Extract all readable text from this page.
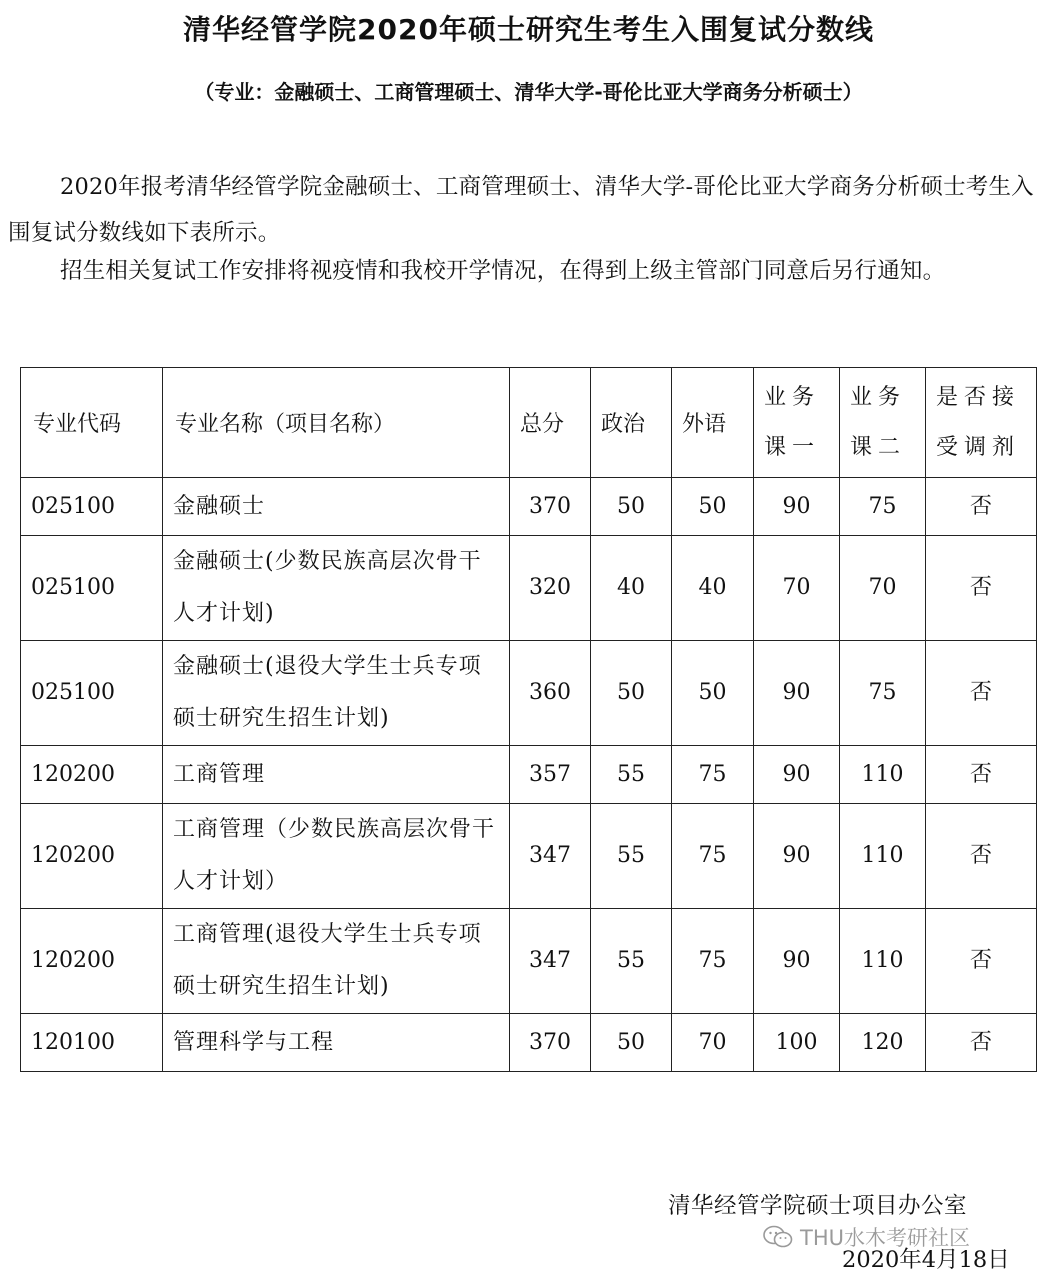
清华经管学院2020年硕士研究生考生入围复试分数线
（专业：金融硕士、工商管理硕士、清华大学-哥伦比亚大学商务分析硕士）

2020年报考清华经管学院金融硕士、工商管理硕士、清华大学-哥伦比亚大学商务分析硕士考生入围复试分数线如下表所示。

招生相关复试工作安排将视疫情和我校开学情况，在得到上级主管部门同意后另行通知。

专业代码	专业名称（项目名称）	总分	政治	外语	业务课一	业务课二	是否接受调剂
025100	金融硕士	370	50	50	90	75	否
025100	金融硕士(少数民族高层次骨干人才计划)	320	40	40	70	70	否
025100	金融硕士(退役大学生士兵专项硕士研究生招生计划)	360	50	50	90	75	否
120200	工商管理	357	55	75	90	110	否
120200	工商管理（少数民族高层次骨干人才计划）	347	55	75	90	110	否
120200	工商管理(退役大学生士兵专项硕士研究生招生计划)	347	55	75	90	110	否
120100	管理科学与工程	370	50	70	100	120	否
清华经管学院硕士项目办公室
THU水木考研社区
2020年4月18日
